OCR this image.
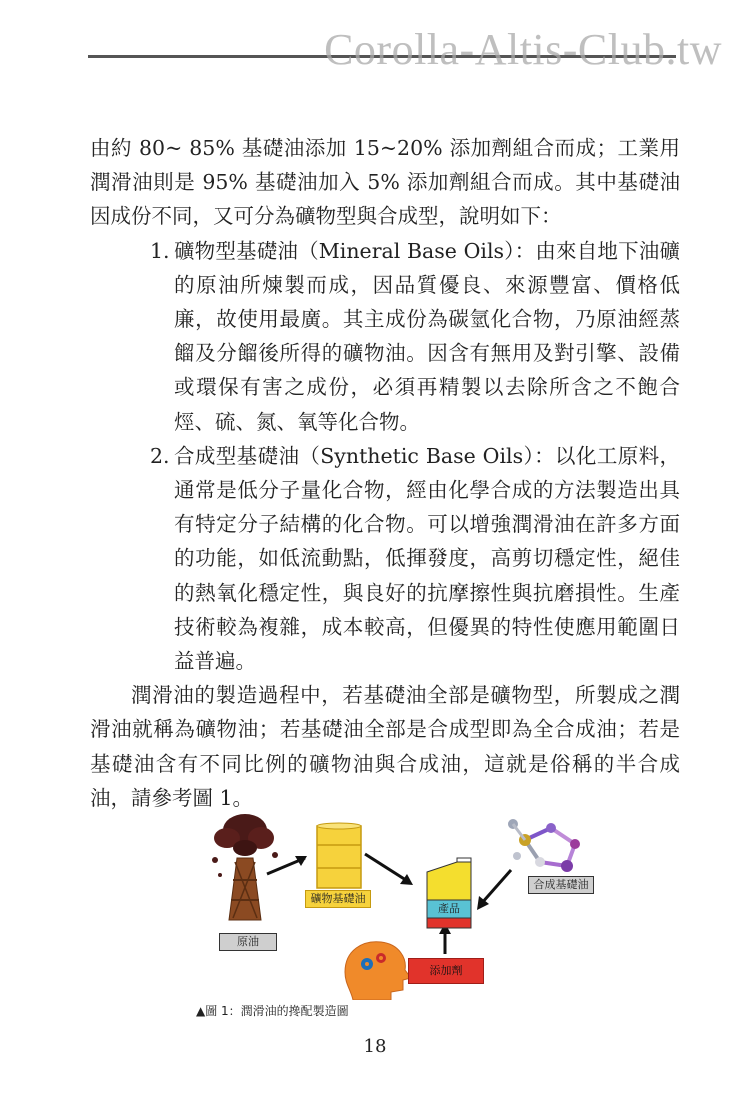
Corolla-Altis-Club.tw

由約 80~ 85% 基礎油添加 15~20% 添加劑組合而成；工業用潤滑油則是 95% 基礎油加入 5% 添加劑組合而成。其中基礎油因成份不同，又可分為礦物型與合成型，說明如下：

1. 礦物型基礎油（Mineral Base Oils）：由來自地下油礦的原油所煉製而成，因品質優良、來源豐富、價格低廉，故使用最廣。其主成份為碳氫化合物，乃原油經蒸餾及分餾後所得的礦物油。因含有無用及對引擎、設備或環保有害之成份，必須再精製以去除所含之不飽合烴、硫、氮、氧等化合物。
2. 合成型基礎油（Synthetic Base Oils）：以化工原料，通常是低分子量化合物，經由化學合成的方法製造出具有特定分子結構的化合物。可以增強潤滑油在許多方面的功能，如低流動點，低揮發度，高剪切穩定性，絕佳的熱氧化穩定性，與良好的抗摩擦性與抗磨損性。生產技術較為複雜，成本較高，但優異的特性使應用範圍日益普遍。

潤滑油的製造過程中，若基礎油全部是礦物型，所製成之潤滑油就稱為礦物油；若基礎油全部是合成型即為全合成油；若是基礎油含有不同比例的礦物油與合成油，這就是俗稱的半合成油，請參考圖 1。

原油
礦物基礎油
合成基礎油
產品
添加劑
▲圖 1：潤滑油的搀配製造圖
18
